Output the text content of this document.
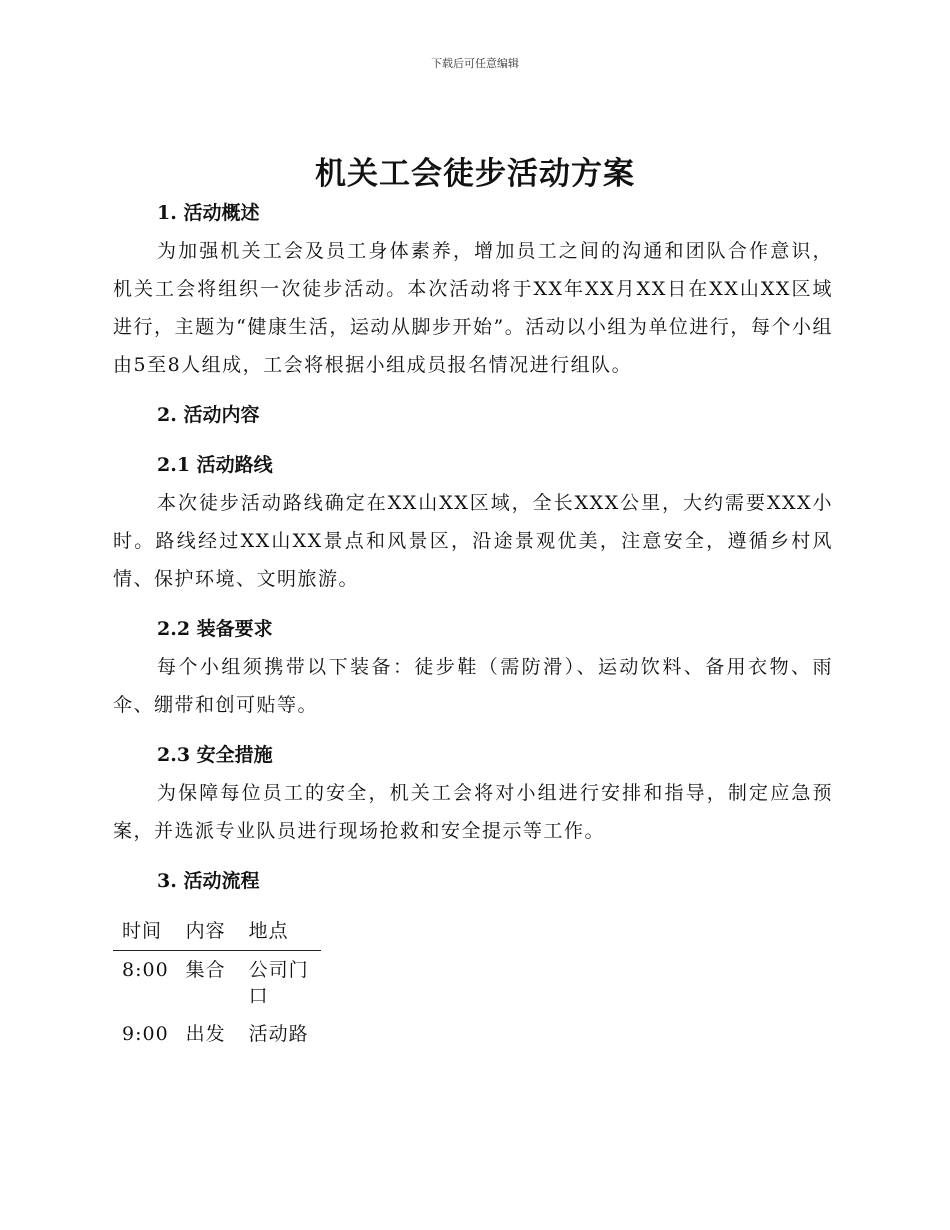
下载后可任意编辑
机关工会徒步活动方案
1. 活动概述

为加强机关工会及员工身体素养，增加员工之间的沟通和团队合作意识，机关工会将组织一次徒步活动。本次活动将于XX年XX月XX日在XX山XX区域进行，主题为“健康生活，运动从脚步开始”。活动以小组为单位进行，每个小组由5至8人组成，工会将根据小组成员报名情况进行组队。

2. 活动内容
2.1 活动路线

本次徒步活动路线确定在XX山XX区域，全长XXX公里，大约需要XXX小时。路线经过XX山XX景点和风景区，沿途景观优美，注意安全，遵循乡村风情、保护环境、文明旅游。

2.2 装备要求

每个小组须携带以下装备：徒步鞋（需防滑）、运动饮料、备用衣物、雨伞、绷带和创可贴等。

2.3 安全措施

为保障每位员工的安全，机关工会将对小组进行安排和指导，制定应急预案，并选派专业队员进行现场抢救和安全提示等工作。

3. 活动流程
时间	内容	地点
8:00	集合	公司门口
9:00	出发	活动路
